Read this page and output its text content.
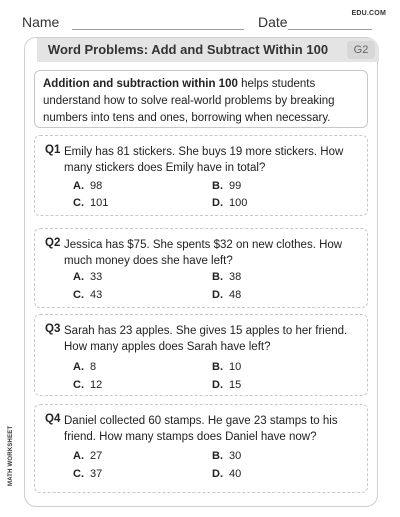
Name	Date
EDU.COM
MATH WORKSHEET
Word Problems: Add and Subtract Within 100	G2
Addition and subtraction within 100 helps students understand how to solve real-world problems by breaking numbers into tens and ones, borrowing when necessary.
Q1 Emily has 81 stickers. She buys 19 more stickers. How many stickers does Emily have in total?
A. 98	B. 99
C. 101	D. 100
Q2 Jessica has $75. She spents $32 on new clothes. How much money does she have left?
A. 33	B. 38
C. 43	D. 48
Q3 Sarah has 23 apples. She gives 15 apples to her friend. How many apples does Sarah have left?
A. 8	B. 10
C. 12	D. 15
Q4 Daniel collected 60 stamps. He gave 23 stamps to his friend. How many stamps does Daniel have now?
A. 27	B. 30
C. 37	D. 40
